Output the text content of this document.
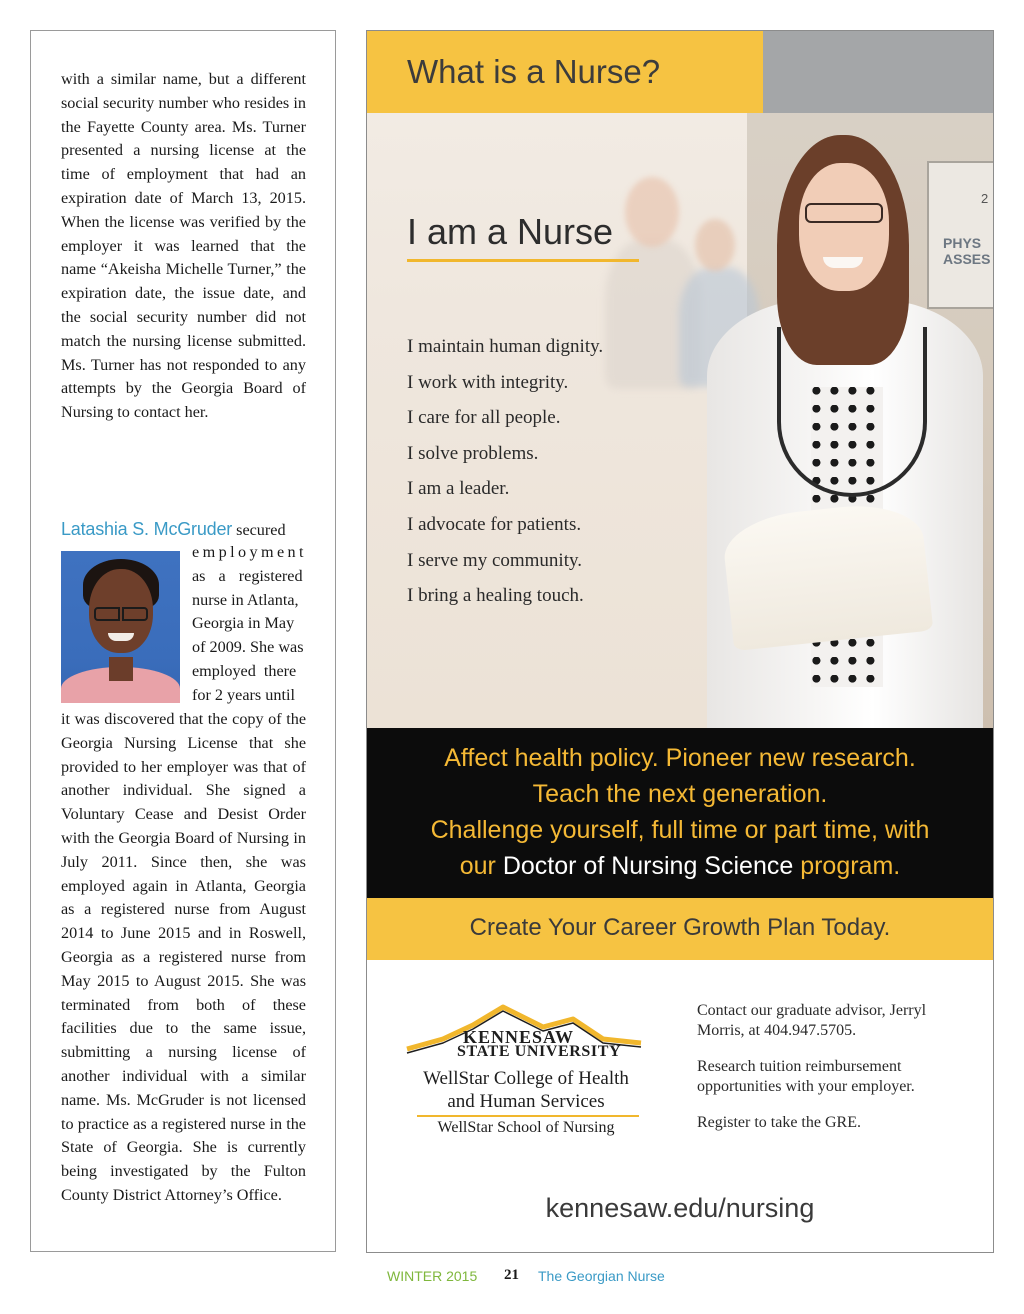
with a similar name, but a different social security number who resides in the Fayette County area. Ms. Turner presented a nursing license at the time of employment that had an expiration date of March 13, 2015. When the license was verified by the employer it was learned that the name “Akeisha Michelle Turner,” the expiration date, the issue date, and the social security number did not match the nursing license submitted. Ms. Turner has not responded to any attempts by the Georgia Board of Nursing to contact her.

Latashia S. McGruder secured

employment
as a registered
nurse in Atlanta,
Georgia in May
of 2009. She was
employed there
for 2 years until

it was discovered that the copy of the Georgia Nursing License that she provided to her employer was that of another individual. She signed a Voluntary Cease and Desist Order with the Georgia Board of Nursing in July 2011. Since then, she was employed again in Atlanta, Georgia as a registered nurse from August 2014 to June 2015 and in Roswell, Georgia as a registered nurse from May 2015 to August 2015. She was terminated from both of these facilities due to the same issue, submitting a nursing license of another individual with a similar name. Ms. McGruder is not licensed to practice as a registered nurse in the State of Georgia. She is currently being investigated by the Fulton County District Attorney’s Office.

2
PHYS
ASSES
What is a Nurse?
I am a Nurse
I maintain human dignity.
I work with integrity.
I care for all people.
I solve problems.
I am a leader.
I advocate for patients.
I serve my community.
I bring a healing touch.
Affect health policy. Pioneer new research.
Teach the next generation.
Challenge yourself, full time or part time, with
our Doctor of Nursing Science program.
Create Your Career Growth Plan Today.
KENNESAW
STATE UNIVERSITY
WellStar College of Health and Human Services
WellStar School of Nursing

Contact our graduate advisor, Jerryl Morris, at 404.947.5705.

Research tuition reimbursement opportunities with your employer.

Register to take the GRE.

kennesaw.edu/nursing
WINTER 2015 21 The Georgian Nurse
